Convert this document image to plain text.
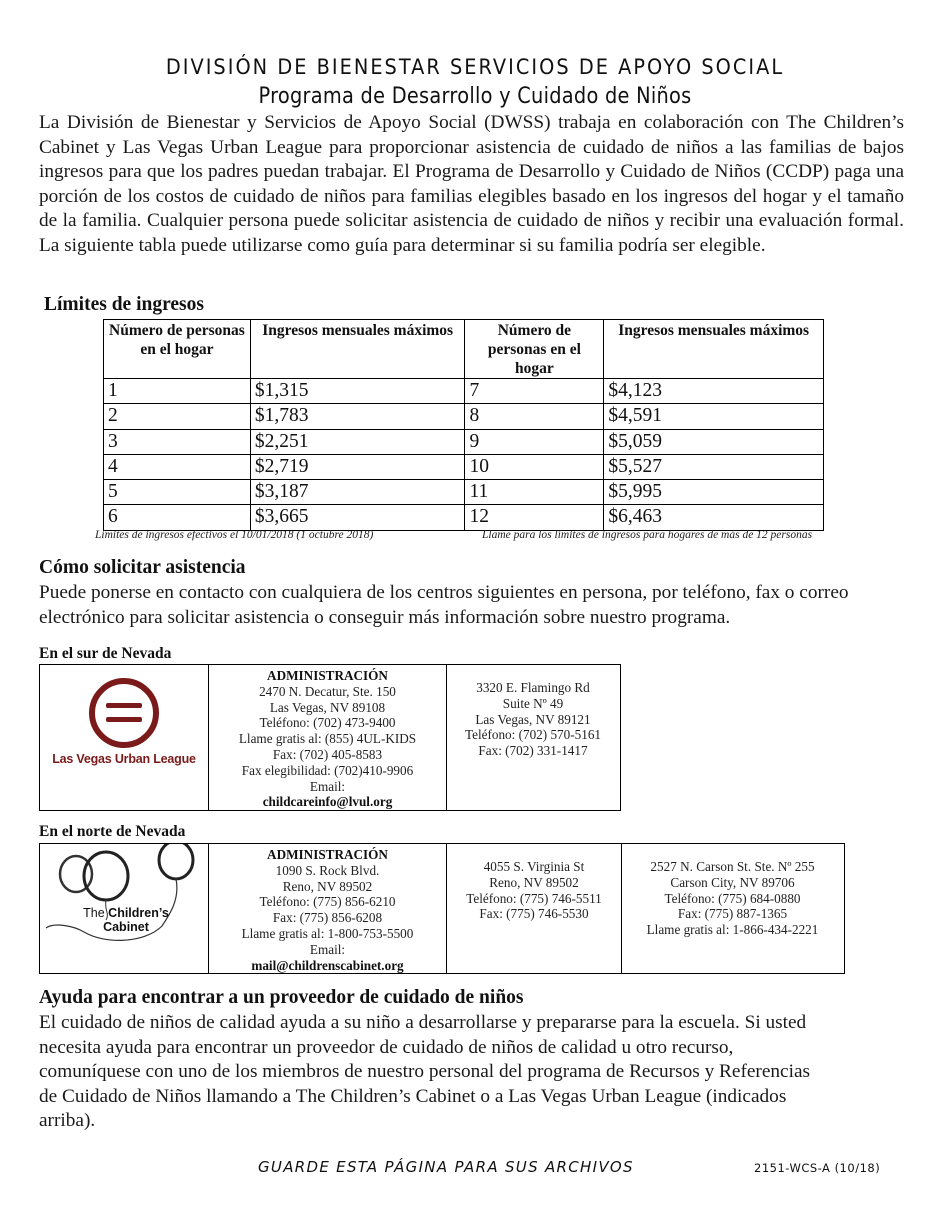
DIVISIÓN DE BIENESTAR SERVICIOS DE APOYO SOCIAL
Programa de Desarrollo y Cuidado de Niños
La División de Bienestar y Servicios de Apoyo Social (DWSS) trabaja en colaboración con The Children’s Cabinet y Las Vegas Urban League para proporcionar asistencia de cuidado de niños a las familias de bajos ingresos para que los padres puedan trabajar. El Programa de Desarrollo y Cuidado de Niños (CCDP) paga una porción de los costos de cuidado de niños para familias elegibles basado en los ingresos del hogar y el tamaño de la familia. Cualquier persona puede solicitar asistencia de cuidado de niños y recibir una evaluación formal. La siguiente tabla puede utilizarse como guía para determinar si su familia podría ser elegible.
Límites de ingresos
Número de personas en el hogar	Ingresos mensuales máximos	Número de personas en el hogar	Ingresos mensuales máximos
1	$1,315	7	$4,123
2	$1,783	8	$4,591
3	$2,251	9	$5,059
4	$2,719	10	$5,527
5	$3,187	11	$5,995
6	$3,665	12	$6,463
Límites de ingresos efectivos el 10/01/2018 (1 octubre 2018)	Llame para los límites de ingresos para hogares de más de 12 personas
Cómo solicitar asistencia
Puede ponerse en contacto con cualquiera de los centros siguientes en persona, por teléfono, fax o correo electrónico para solicitar asistencia o conseguir más información sobre nuestro programa.
En el sur de Nevada
Las Vegas Urban League
ADMINISTRACIÓN
2470 N. Decatur, Ste. 150
Las Vegas, NV 89108
Teléfono: (702) 473-9400
Llame gratis al: (855) 4UL-KIDS
Fax: (702) 405-8583
Fax elegibilidad: (702)410-9906
Email:
childcareinfo@lvul.org
3320 E. Flamingo Rd
Suite Nº 49
Las Vegas, NV 89121
Teléfono: (702) 570-5161
Fax: (702) 331-1417
En el norte de Nevada
The Children’s
Cabinet
ADMINISTRACIÓN
1090 S. Rock Blvd.
Reno, NV 89502
Teléfono: (775) 856-6210
Fax: (775) 856-6208
Llame gratis al: 1-800-753-5500
Email:
mail@childrenscabinet.org
4055 S. Virginia St
Reno, NV 89502
Teléfono: (775) 746-5511
Fax: (775) 746-5530
2527 N. Carson St. Ste. Nº 255
Carson City, NV 89706
Teléfono: (775) 684-0880
Fax: (775) 887-1365
Llame gratis al: 1-866-434-2221
Ayuda para encontrar a un proveedor de cuidado de niños
El cuidado de niños de calidad ayuda a su niño a desarrollarse y prepararse para la escuela. Si usted
necesita ayuda para encontrar un proveedor de cuidado de niños de calidad u otro recurso,
comuníquese con uno de los miembros de nuestro personal del programa de Recursos y Referencias
de Cuidado de Niños llamando a The Children’s Cabinet o a Las Vegas Urban League (indicados
arriba).
GUARDE ESTA PÁGINA PARA SUS ARCHIVOS	2151-WCS-A (10/18)
